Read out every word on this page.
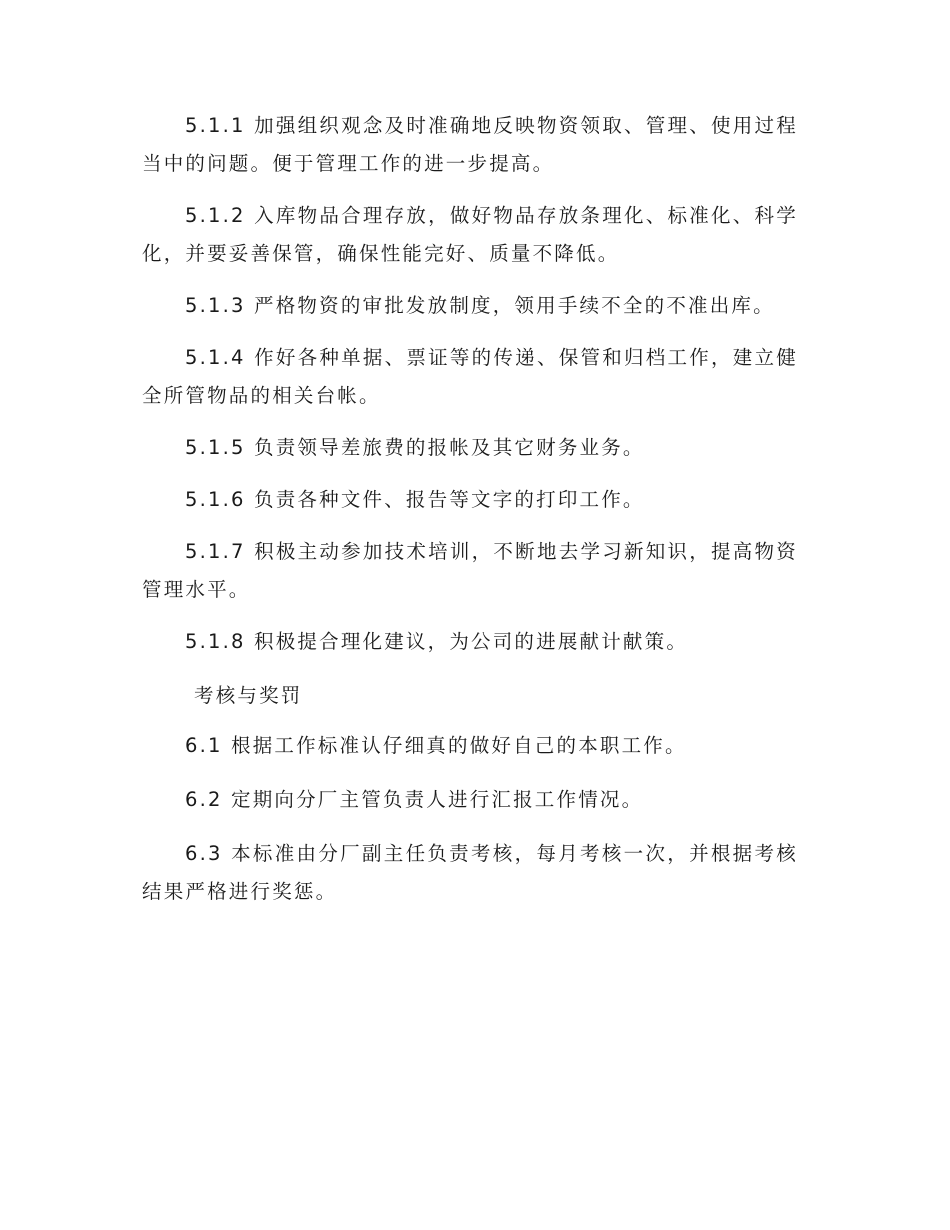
5.1.1 加强组织观念及时准确地反映物资领取、管理、使用过程当中的问题。便于管理工作的进一步提高。

5.1.2 入库物品合理存放，做好物品存放条理化、标准化、科学化，并要妥善保管，确保性能完好、质量不降低。

5.1.3 严格物资的审批发放制度，领用手续不全的不准出库。

5.1.4 作好各种单据、票证等的传递、保管和归档工作，建立健全所管物品的相关台帐。

5.1.5 负责领导差旅费的报帐及其它财务业务。

5.1.6 负责各种文件、报告等文字的打印工作。

5.1.7 积极主动参加技术培训，不断地去学习新知识，提高物资管理水平。

5.1.8 积极提合理化建议，为公司的进展献计献策。

考核与奖罚

6.1 根据工作标准认仔细真的做好自己的本职工作。

6.2 定期向分厂主管负责人进行汇报工作情况。

6.3 本标准由分厂副主任负责考核，每月考核一次，并根据考核结果严格进行奖惩。
